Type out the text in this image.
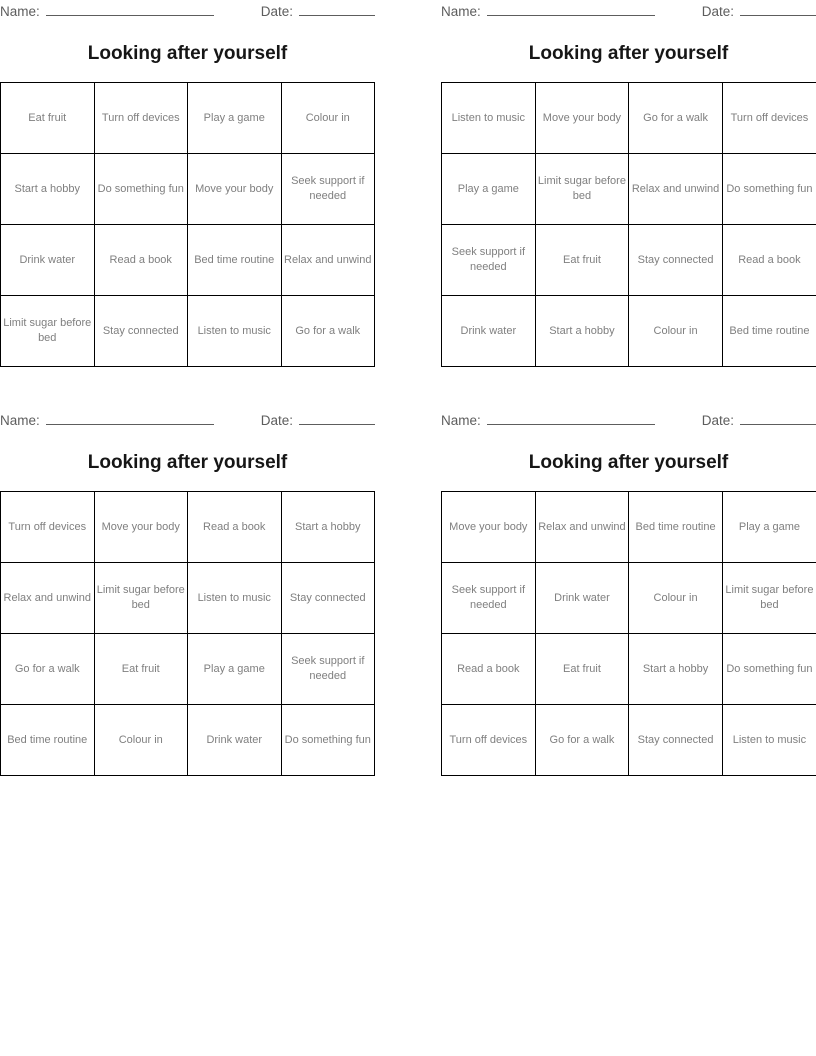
Name:	Date:
Looking after yourself
Eat fruit	Turn off devices	Play a game	Colour in
Start a hobby	Do something fun	Move your body	Seek support if needed
Drink water	Read a book	Bed time routine	Relax and unwind
Limit sugar before bed	Stay connected	Listen to music	Go for a walk
Name:	Date:
Looking after yourself
Listen to music	Move your body	Go for a walk	Turn off devices
Play a game	Limit sugar before bed	Relax and unwind	Do something fun
Seek support if needed	Eat fruit	Stay connected	Read a book
Drink water	Start a hobby	Colour in	Bed time routine
Name:	Date:
Looking after yourself
Turn off devices	Move your body	Read a book	Start a hobby
Relax and unwind	Limit sugar before bed	Listen to music	Stay connected
Go for a walk	Eat fruit	Play a game	Seek support if needed
Bed time routine	Colour in	Drink water	Do something fun
Name:	Date:
Looking after yourself
Move your body	Relax and unwind	Bed time routine	Play a game
Seek support if needed	Drink water	Colour in	Limit sugar before bed
Read a book	Eat fruit	Start a hobby	Do something fun
Turn off devices	Go for a walk	Stay connected	Listen to music
